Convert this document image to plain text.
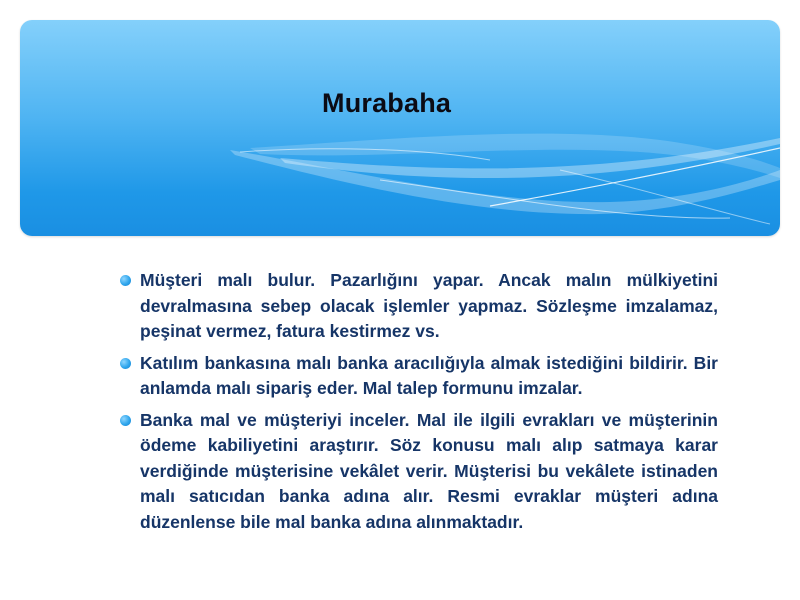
Murabaha
Müşteri malı bulur. Pazarlığını yapar. Ancak malın mülkiyetini devralmasına sebep olacak işlemler yapmaz. Sözleşme imzalamaz, peşinat vermez, fatura kestirmez vs.
Katılım bankasına malı banka aracılığıyla almak istediğini bildirir. Bir anlamda malı sipariş eder. Mal talep formunu imzalar.
Banka mal ve müşteriyi inceler. Mal ile ilgili evrakları ve müşterinin ödeme kabiliyetini araştırır. Söz konusu malı alıp satmaya karar verdiğinde müşterisine vekâlet verir. Müşterisi bu vekâlete istinaden malı satıcıdan banka adına alır. Resmi evraklar müşteri adına düzenlense bile mal banka adına alınmaktadır.
